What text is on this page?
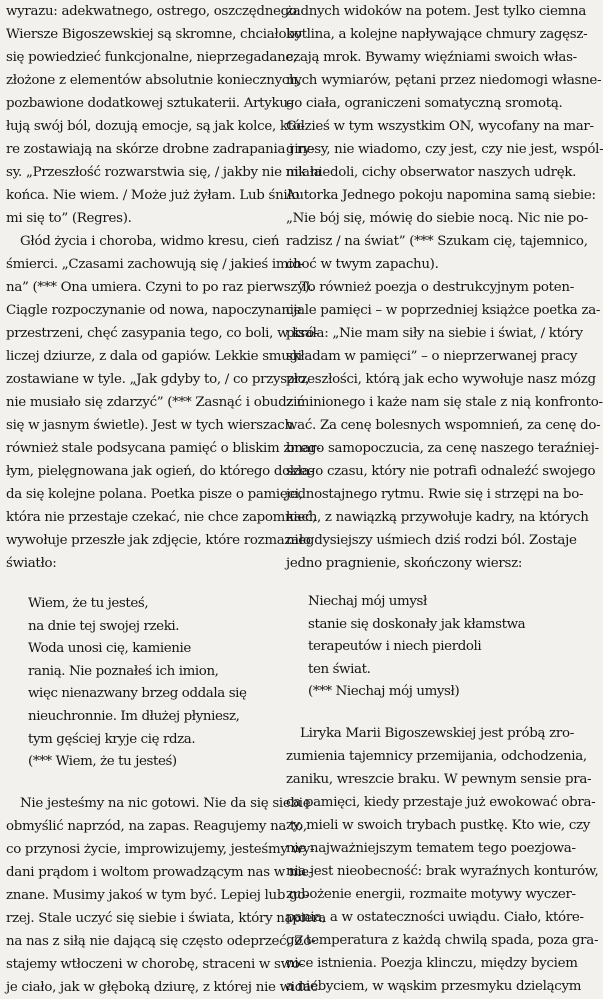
wyrazu: adekwatnego, ostrego, oszczędnego.
Wiersze Bigoszewskiej są skromne, chciałoby
się powiedzieć funkcjonalne, nieprzegadane,
złożone z elementów absolutnie koniecznych,
pozbawione dodatkowej sztukaterii. Artyku-
łują swój ból, dozują emocje, są jak kolce, któ-
re zostawiają na skórze drobne zadrapania i ry-
sy. „Przeszłość rozwarstwia się, / jakby nie miała
końca. Nie wiem. / Może już żyłam. Lub śniło
mi się to” (Regres).
Głód życia i choroba, widmo kresu, cień
śmierci. „Czasami zachowują się / jakieś imio-
na” (*** Ona umiera. Czyni to po raz pierwszy).
Ciągle rozpoczynanie od nowa, napoczynanie
przestrzeni, chęć zasypania tego, co boli, w kró-
liczej dziurze, z dala od gapiów. Lekkie smugi
zostawiane w tyle. „Jak gdyby to, / co przyszło,
nie musiało się zdarzyć” (*** Zasnąć i obudzić
się w jasnym świetle). Jest w tych wierszach
również stale podsycana pamięć o bliskim zmar-
łym, pielęgnowana jak ogień, do którego dokła-
da się kolejne polana. Poetka pisze o pamięci,
która nie przestaje czekać, nie chce zapomnieć,
wywołuje przeszłe jak zdjęcie, które rozmazało
światło:
Wiem, że tu jesteś,
na dnie tej swojej rzeki.
Woda unosi cię, kamienie
ranią. Nie poznałeś ich imion,
więc nienazwany brzeg oddala się
nieuchronnie. Im dłużej płyniesz,
tym gęściej kryje cię rdza.
(*** Wiem, że tu jesteś)
Nie jesteśmy na nic gotowi. Nie da się siebie
obmyślić naprzód, na zapas. Reagujemy na to,
co przynosi życie, improwizujemy, jesteśmy wy-
dani prądom i woltom prowadzącym nas w nie-
znane. Musimy jakoś w tym być. Lepiej lub go-
rzej. Stale uczyć się siebie i świata, który napiera
na nas z siłą nie dającą się często odeprzeć. Zo-
stajemy wtłoczeni w chorobę, straceni w swo-
je ciało, jak w głęboką dziurę, z której nie widać
żadnych widoków na potem. Jest tylko ciemna
kotlina, a kolejne napływające chmury zagęsz-
czają mrok. Bywamy więźniami swoich włas-
nych wymiarów, pętani przez niedomogi własne-
go ciała, ograniczeni somatyczną sromotą.
Gdzieś w tym wszystkim ON, wycofany na mar-
ginesy, nie wiadomo, czy jest, czy nie jest, wspól-
nik niedoli, cichy obserwator naszych udręk.
Autorka Jednego pokoju napomina samą siebie:
„Nie bój się, mówię do siebie nocą. Nic nie po-
radzisz / na świat” (*** Szukam cię, tajemnico,
choć w twym zapachu).
To również poezja o destrukcyjnym poten-
cjale pamięci – w poprzedniej książce poetka za-
pisała: „Nie mam siły na siebie i świat, / który
składam w pamięci” – o nieprzerwanej pracy
przeszłości, którą jak echo wywołuje nasz mózg
z minionego i każe nam się stale z nią konfronto-
wać. Za cenę bolesnych wspomnień, za cenę do-
brego samopoczucia, za cenę naszego teraźniej-
szego czasu, który nie potrafi odnaleźć swojego
jednostajnego rytmu. Rwie się i strzępi na bo-
kach, z nawiązką przywołuje kadry, na których
niegdysiejszy uśmiech dziś rodzi ból. Zostaje
jedno pragnienie, skończony wiersz:
Niechaj mój umysł
stanie się doskonały jak kłamstwa
terapeutów i niech pierdoli
ten świat.
(*** Niechaj mój umysł)
Liryka Marii Bigoszewskiej jest próbą zro-
zumienia tajemnicy przemijania, odchodzenia,
zaniku, wreszcie braku. W pewnym sensie pra-
ca pamięci, kiedy przestaje już ewokować obra-
zy, mieli w swoich trybach pustkę. Kto wie, czy
nie najważniejszym tematem tego poezjowa-
nia jest nieobecność: brak wyraźnych konturów,
zubożenie energii, rozmaite motywy wyczer-
pania, a w ostateczności uwiądu. Ciało, które-
go temperatura z każdą chwilą spada, poza gra-
nice istnienia. Poezja klinczu, między byciem
a niebyciem, w wąskim przesmyku dzielącym
